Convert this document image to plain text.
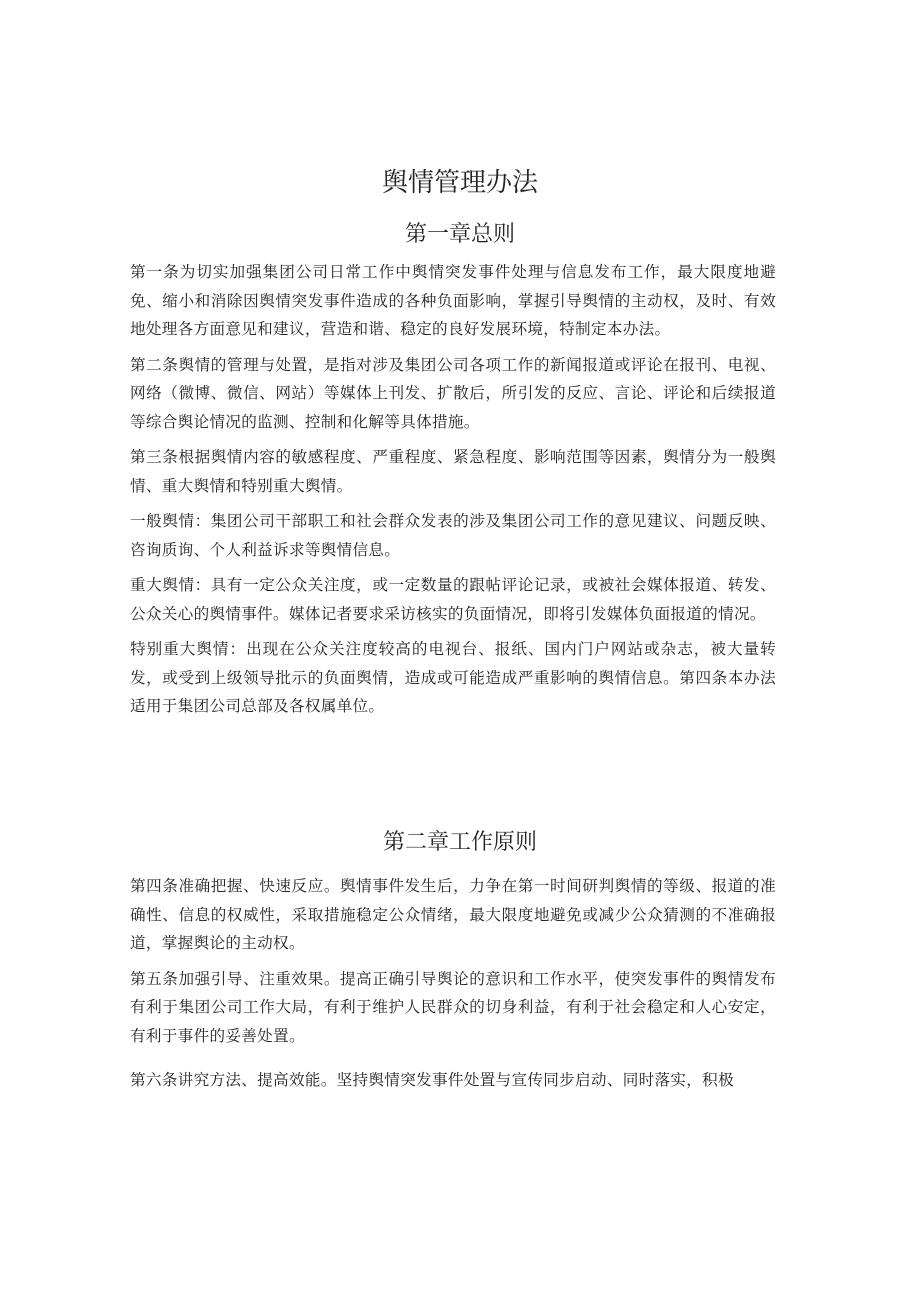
舆情管理办法
第一章总则

第一条为切实加强集团公司日常工作中舆情突发事件处理与信息发布工作，最大限度地避免、缩小和消除因舆情突发事件造成的各种负面影响，掌握引导舆情的主动权，及时、有效地处理各方面意见和建议，营造和谐、稳定的良好发展环境，特制定本办法。

第二条舆情的管理与处置，是指对涉及集团公司各项工作的新闻报道或评论在报刊、电视、网络（微博、微信、网站）等媒体上刊发、扩散后，所引发的反应、言论、评论和后续报道等综合舆论情况的监测、控制和化解等具体措施。

第三条根据舆情内容的敏感程度、严重程度、紧急程度、影响范围等因素，舆情分为一般舆情、重大舆情和特别重大舆情。

一般舆情：集团公司干部职工和社会群众发表的涉及集团公司工作的意见建议、问题反映、咨询质询、个人利益诉求等舆情信息。

重大舆情：具有一定公众关注度，或一定数量的跟帖评论记录，或被社会媒体报道、转发、公众关心的舆情事件。媒体记者要求采访核实的负面情况，即将引发媒体负面报道的情况。

特别重大舆情：出现在公众关注度较高的电视台、报纸、国内门户网站或杂志，被大量转发，或受到上级领导批示的负面舆情，造成或可能造成严重影响的舆情信息。第四条本办法适用于集团公司总部及各权属单位。

第二章工作原则

第四条准确把握、快速反应。舆情事件发生后，力争在第一时间研判舆情的等级、报道的准确性、信息的权威性，采取措施稳定公众情绪，最大限度地避免或减少公众猜测的不准确报道，掌握舆论的主动权。

第五条加强引导、注重效果。提高正确引导舆论的意识和工作水平，使突发事件的舆情发布有利于集团公司工作大局，有利于维护人民群众的切身利益，有利于社会稳定和人心安定，有利于事件的妥善处置。

第六条讲究方法、提高效能。坚持舆情突发事件处置与宣传同步启动、同时落实，积极
